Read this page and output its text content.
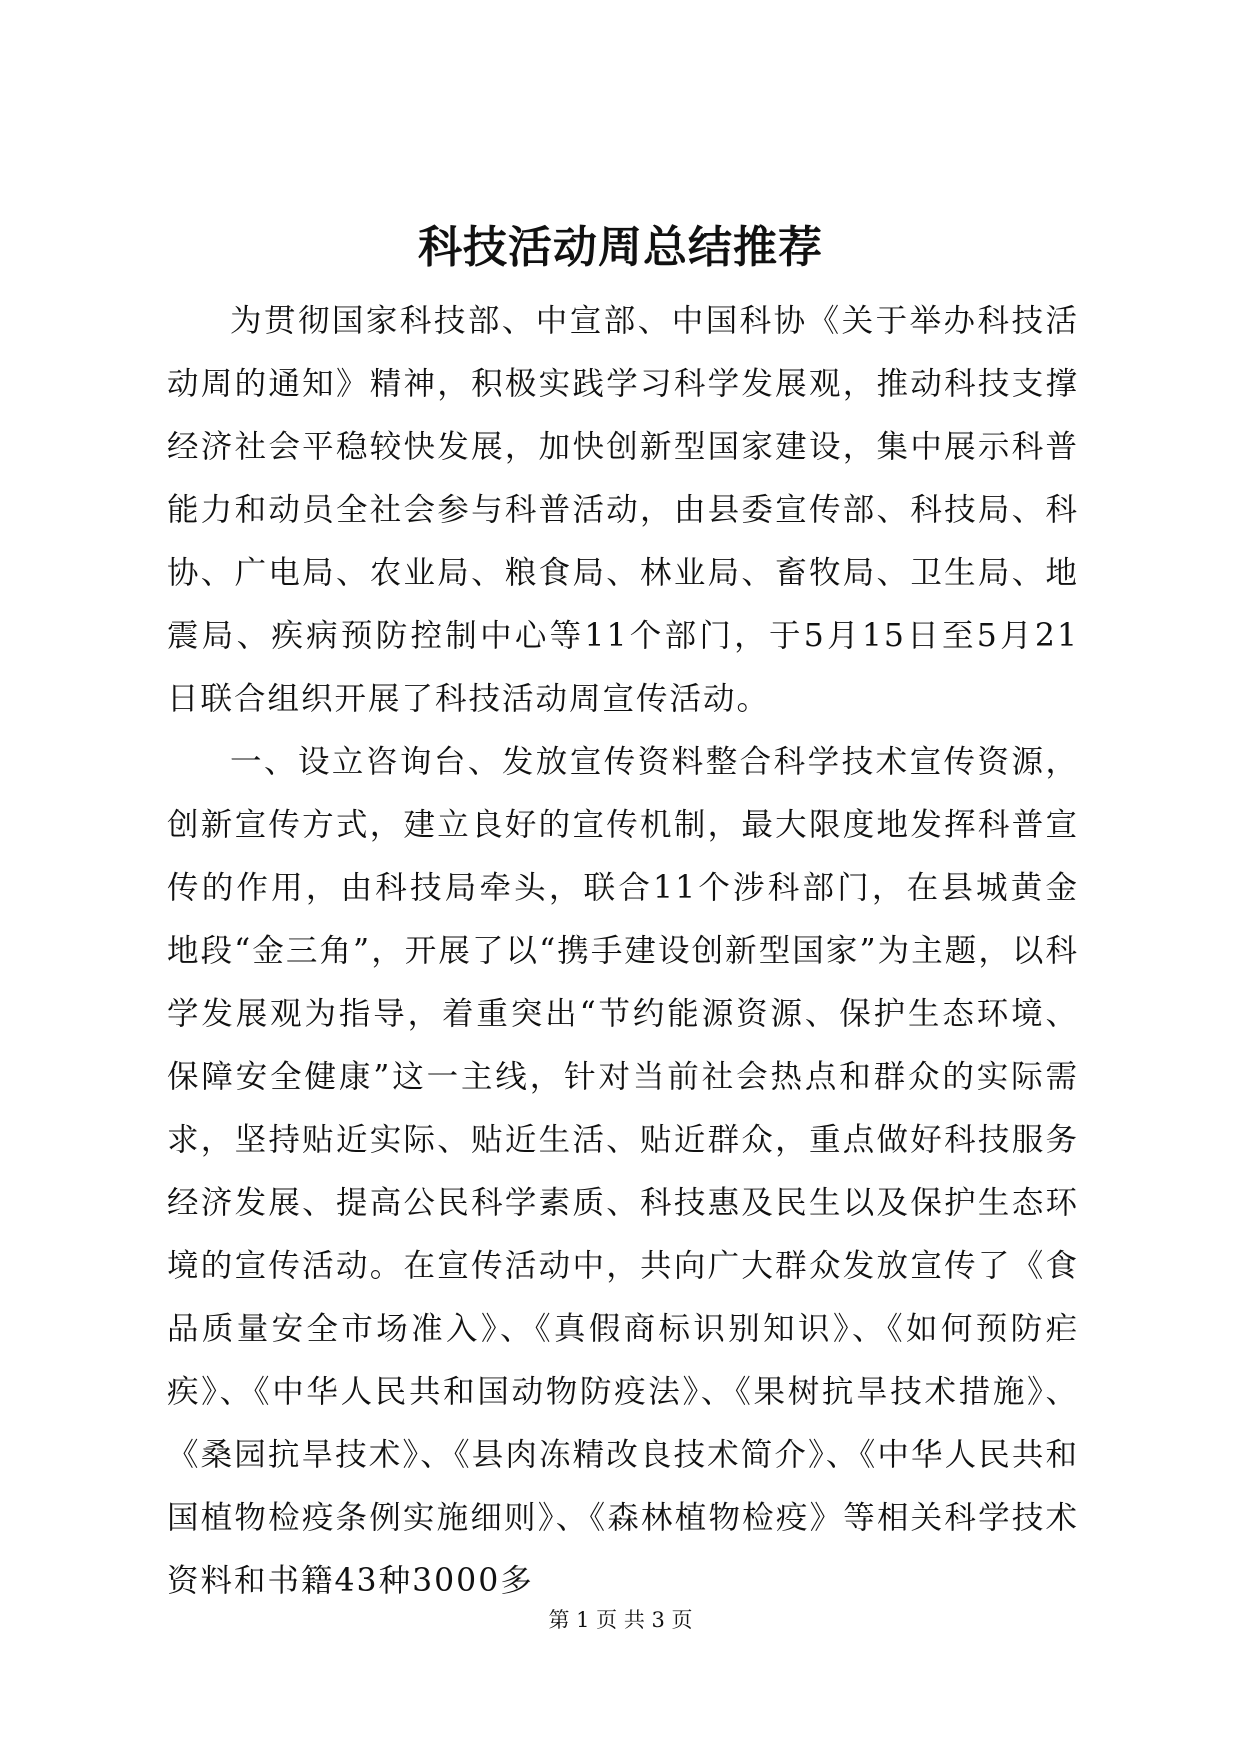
科技活动周总结推荐

为贯彻国家科技部、中宣部、中国科协《关于举办科技活动周的通知》精神，积极实践学习科学发展观，推动科技支撑经济社会平稳较快发展，加快创新型国家建设，集中展示科普能力和动员全社会参与科普活动，由县委宣传部、科技局、科协、广电局、农业局、粮食局、林业局、畜牧局、卫生局、地震局、疾病预防控制中心等11个部门，于5月15日至5月21日联合组织开展了科技活动周宣传活动。

一、设立咨询台、发放宣传资料整合科学技术宣传资源，创新宣传方式，建立良好的宣传机制，最大限度地发挥科普宣传的作用，由科技局牵头，联合11个涉科部门，在县城黄金地段“金三角”，开展了以“携手建设创新型国家”为主题，以科学发展观为指导，着重突出“节约能源资源、保护生态环境、保障安全健康”这一主线，针对当前社会热点和群众的实际需求，坚持贴近实际、贴近生活、贴近群众，重点做好科技服务经济发展、提高公民科学素质、科技惠及民生以及保护生态环境的宣传活动。在宣传活动中，共向广大群众发放宣传了《食品质量安全市场准入》、《真假商标识别知识》、《如何预防疟疾》、《中华人民共和国动物防疫法》、《果树抗旱技术措施》、《桑园抗旱技术》、《县肉冻精改良技术简介》、《中华人民共和国植物检疫条例实施细则》、《森林植物检疫》等相关科学技术资料和书籍43种3000多

第 1 页 共 3 页
